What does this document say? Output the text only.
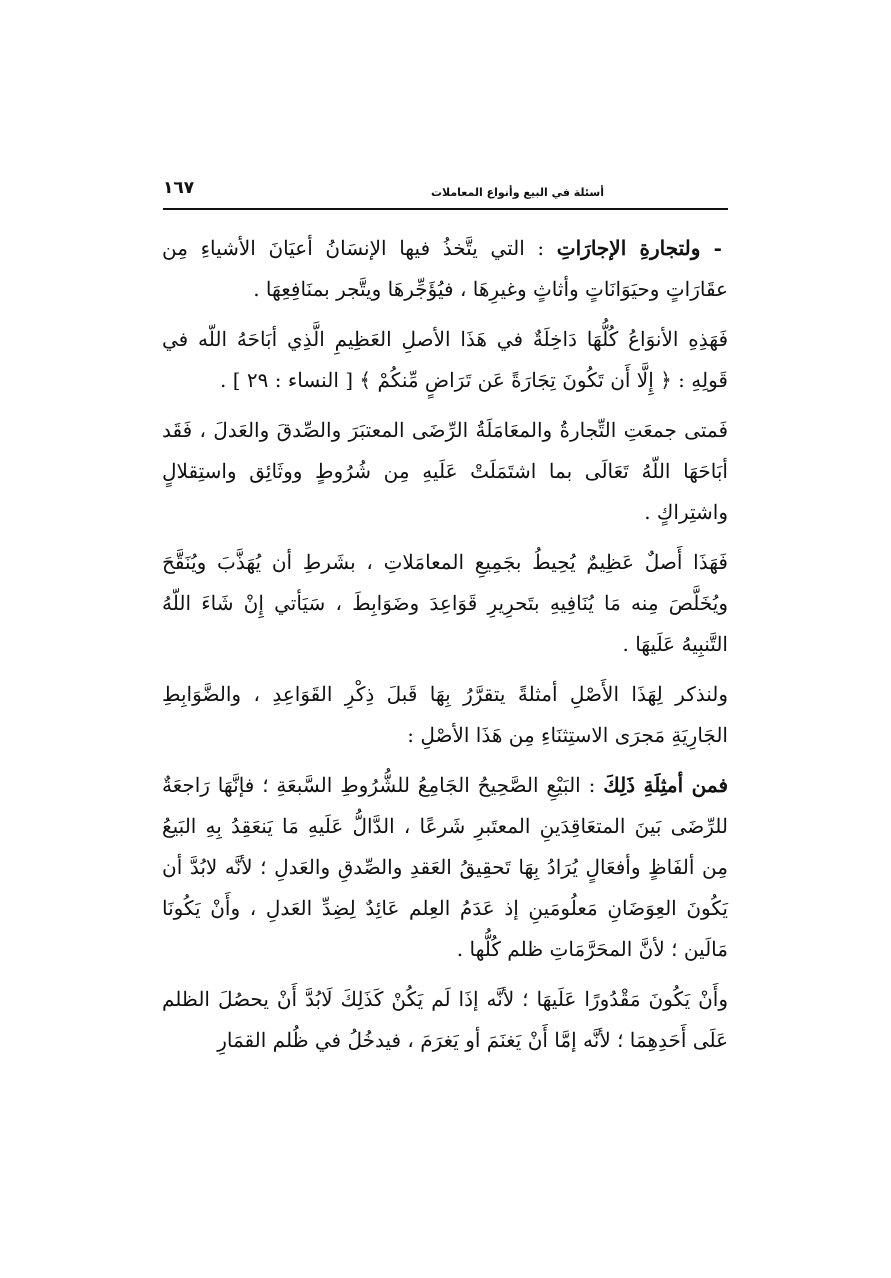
أسئلة في البيع وأنواع المعاملات
١٦٧

- ولتجارةِ الإجارَاتِ : التي يتَّخذُ فيها الإنسَانُ أعيَانَ الأشياءِ مِن عقَارَاتٍ وحيَوَانَاتٍ وأثاثٍ وغيرِهَا ، فيُؤَجِّرهَا ويتَّجر بمنَافِعِهَا .

فَهَذِهِ الأنوَاعُ كُلُّهَا دَاخِلَةٌ في هَذَا الأصلِ العَظِيمِ الَّذِي أبَاحَهُ اللّه في قَولِهِ : ﴿ إِلَّا أَن تَكُونَ تِجَارَةً عَن تَرَاضٍ مِّنكُمْ ﴾ [ النساء : ٢٩ ] .

فَمتى جمعَتِ التِّجارةُ والمعَامَلَةُ الرِّضَى المعتبَرَ والصِّدقَ والعَدلَ ، فَقَد أبَاحَهَا اللّهُ تَعَالَى بما اشتَمَلَتْ عَلَيهِ مِن شُرُوطٍ ووثَائِق واستِقلالٍ واشتِراكٍ .

فَهَذَا أَصلٌ عَظِيمٌ يُحِيطُ بجَمِيعِ المعامَلاتِ ، بشَرطِ أن يُهَذَّبَ ويُنَقَّحَ ويُخَلَّصَ مِنه مَا يُنَافِيهِ بتَحرِيرِ قَوَاعِدَ وضَوَابِطَ ، سَيَأتي إِنْ شَاءَ اللّهُ التَّنبِيهُ عَلَيهَا .

ولنذكر لِهَذَا الأَصْلِ أمثلةً يتقرَّرُ بِهَا قَبلَ ذِكْرِ القَوَاعِدِ ، والضَّوَابِطِ الجَارِيَةِ مَجرَى الاستِثنَاءِ مِن هَذَا الأصْلِ :

فمن أمثِلَةِ ذَلِكَ : البَيْعِ الصَّحِيحُ الجَامِعُ للشُّرُوطِ السَّبعَةِ ؛ فإنَّهَا رَاجعَةٌ للرِّضَى بَينَ المتعَاقِدَينِ المعتَبرِ شَرعًا ، الدَّالُّ عَلَيهِ مَا يَنعَقِدُ بِهِ البَيعُ مِن ألفَاظٍ وأفعَالٍ يُرَادُ بِهَا تَحقِيقُ العَقدِ والصِّدقِ والعَدلِ ؛ لأنَّه لابُدَّ أن يَكُونَ العِوَضَانِ مَعلُومَينِ إذ عَدَمُ العِلم عَائِدٌ لِضِدِّ العَدلِ ، وأَنْ يَكُونَا مَالَين ؛ لأنَّ المحَرَّمَاتِ ظلم كُلُّها .

وأَنْ يَكُونَ مَقْدُورًا عَلَيهَا ؛ لأنَّه إذَا لَم يَكُنْ كَذَلِكَ لَابُدَّ أَنْ يحصُلَ الظلم عَلَى أَحَدِهِمَا ؛ لأنَّه إمَّا أَنْ يَغنَمَ أو يَغرَمَ ، فيدخُلُ في ظُلم القمَارِ
